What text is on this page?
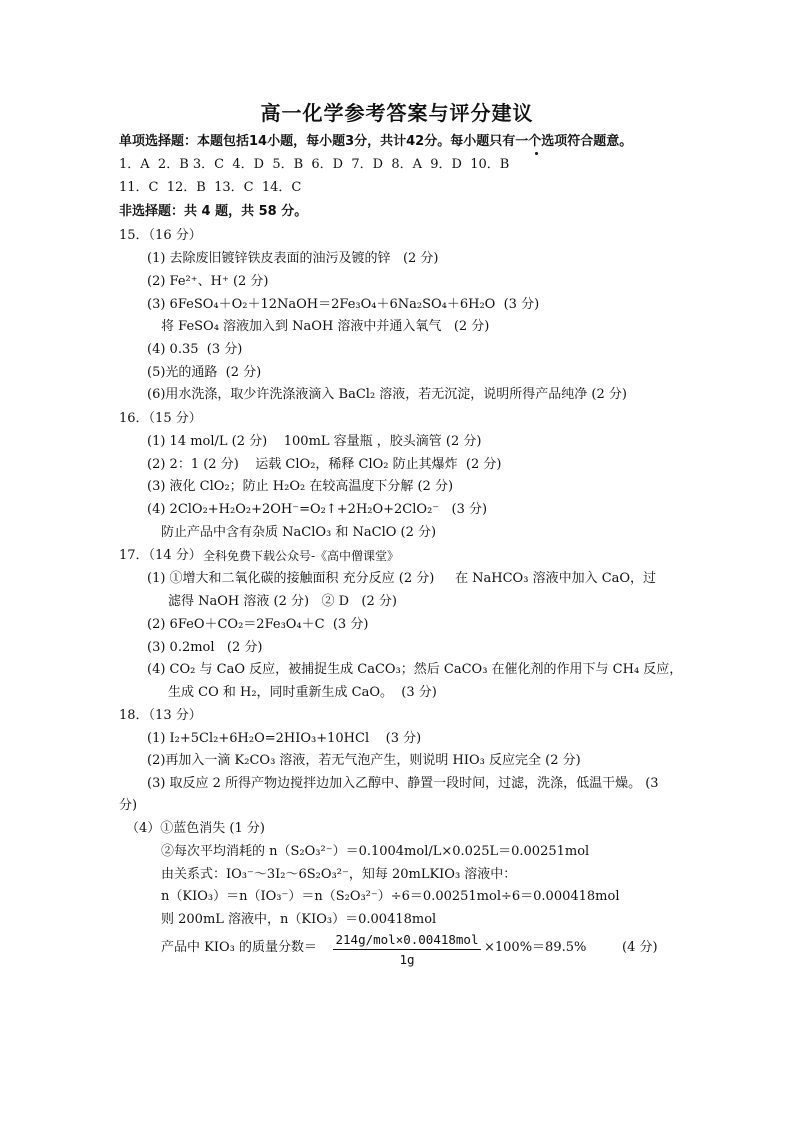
高一化学参考答案与评分建议
单项选择题：本题包括14小题，每小题3分，共计42分。每小题只有一个选项符合题意。
1．A  2．B 3．C  4．D  5．B  6．D  7．D  8．A  9．D  10．B
11．C  12．B  13．C  14．C
非选择题：共 4 题，共 58 分。
15．（16 分）
(1) 去除废旧镀锌铁皮表面的油污及镀的锌   (2 分)
(2) Fe²⁺、H⁺ (2 分)
(3) 6FeSO₄＋O₂＋12NaOH＝2Fe₃O₄＋6Na₂SO₄＋6H₂O  (3 分)
将 FeSO₄ 溶液加入到 NaOH 溶液中并通入氧气   (2 分)
(4) 0.35  (3 分)
(5)光的通路  (2 分)
(6)用水洗涤，取少许洗涤液滴入 BaCl₂ 溶液，若无沉淀，说明所得产品纯净 (2 分)
16．（15 分）
(1) 14 mol/L (2 分)    100mL 容量瓶 ，胶头滴管 (2 分)
(2) 2：1 (2 分)    运载 ClO₂，稀释 ClO₂ 防止其爆炸  (2 分)
(3) 液化 ClO₂；防止 H₂O₂ 在较高温度下分解 (2 分)
(4) 2ClO₂+H₂O₂+2OH⁻=O₂↑+2H₂O+2ClO₂⁻   (3 分)
防止产品中含有杂质 NaClO₃ 和 NaClO (2 分)
17．（14 分） 全科免费下载公众号-《高中僧课堂》
(1) ①增大和二氧化碳的接触面积 充分反应 (2 分)     在 NaHCO₃ 溶液中加入 CaO，过
滤得 NaOH 溶液 (2 分)   ② D   (2 分)
(2) 6FeO＋CO₂＝2Fe₃O₄＋C  (3 分)
(3) 0.2mol   (2 分)
(4) CO₂ 与 CaO 反应，被捕捉生成 CaCO₃；然后 CaCO₃ 在催化剂的作用下与 CH₄ 反应，
生成 CO 和 H₂，同时重新生成 CaO。  (3 分)
18．（13 分）
(1) I₂+5Cl₂+6H₂O=2HIO₃+10HCl    (3 分)
(2)再加入一滴 K₂CO₃ 溶液，若无气泡产生，则说明 HIO₃ 反应完全 (2 分)
(3) 取反应 2 所得产物边搅拌边加入乙醇中、静置一段时间，过滤，洗涤，低温干燥。 (3
分)
（4）①蓝色消失 (1 分)
②每次平均消耗的 n（S₂O₃²⁻）＝0.1004mol/L×0.025L＝0.00251mol
由关系式：IO₃⁻～3I₂～6S₂O₃²⁻，知每 20mLKIO₃ 溶液中：
n（KIO₃）＝n（IO₃⁻）＝n（S₂O₃²⁻）÷6＝0.00251mol÷6＝0.000418mol
则 200mL 溶液中，n（KIO₃）＝0.00418mol
产品中 KIO₃ 的质量分数＝
214g/mol×0.00418mol
1g
×100%＝89.5%	(4 分)
